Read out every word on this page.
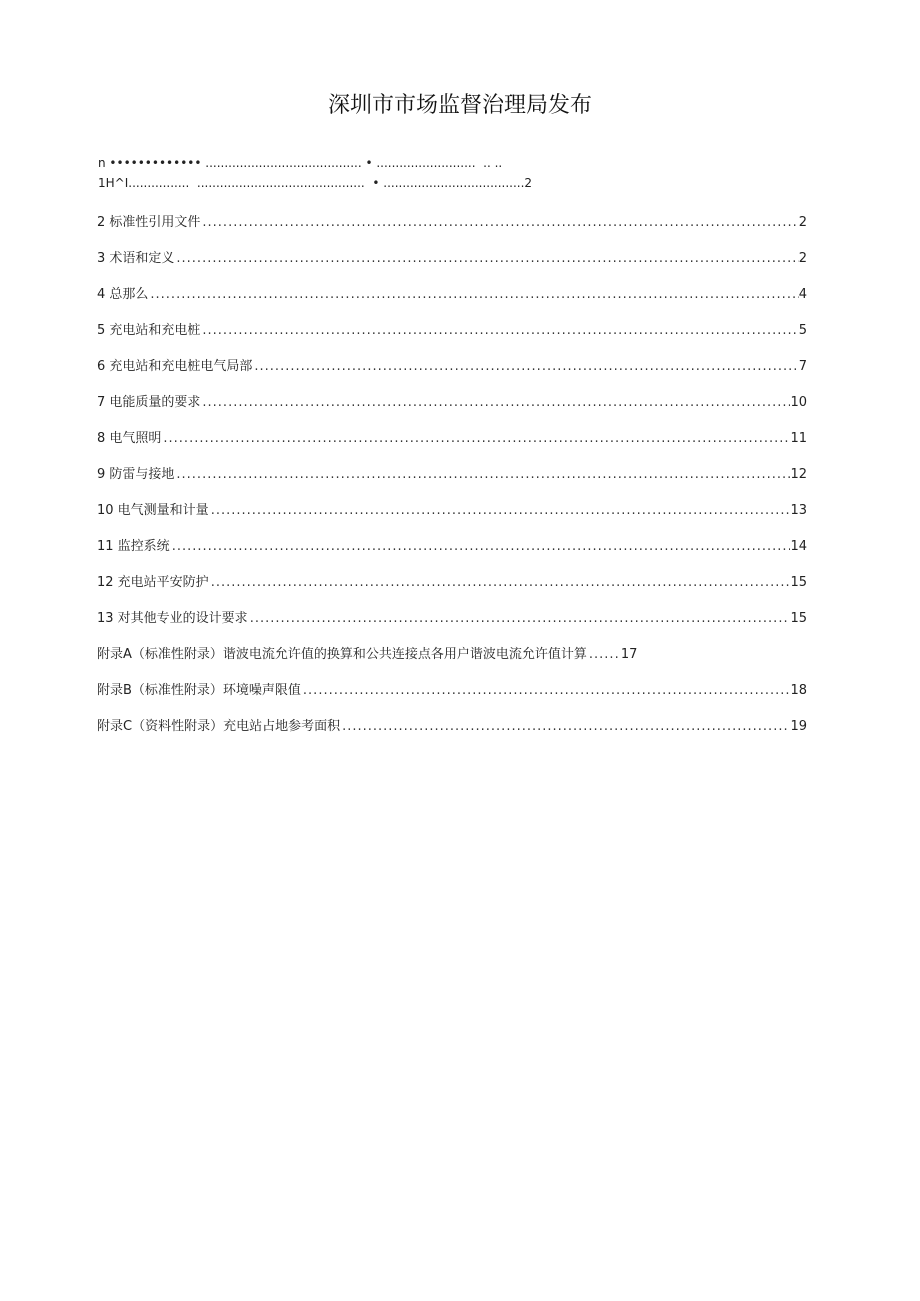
深圳市市场监督治理局发布
n ••••••••••••• ......................................... • ..........................  .. ..
1H^I................  ............................................  • .....................................2
2 标准性引用文件 .....	2
3 术语和定义 .....	2
4 总那么 .....	4
5 充电站和充电桩 .....	5
6 充电站和充电桩电气局部 .....	7
7 电能质量的要求 .....	10
8 电气照明 .....	11
9 防雷与接地 .....	12
10 电气测量和计量 .....	13
11 监控系统 .....	14
12 充电站平安防护 .....	15
13 对其他专业的设计要求 .....	15
附录A（标准性附录）谐波电流允许值的换算和公共连接点各用户谐波电流允许值计算 .....	17
附录B（标准性附录）环境噪声限值 .....	18
附录C（资料性附录）充电站占地参考面积 .....	19
